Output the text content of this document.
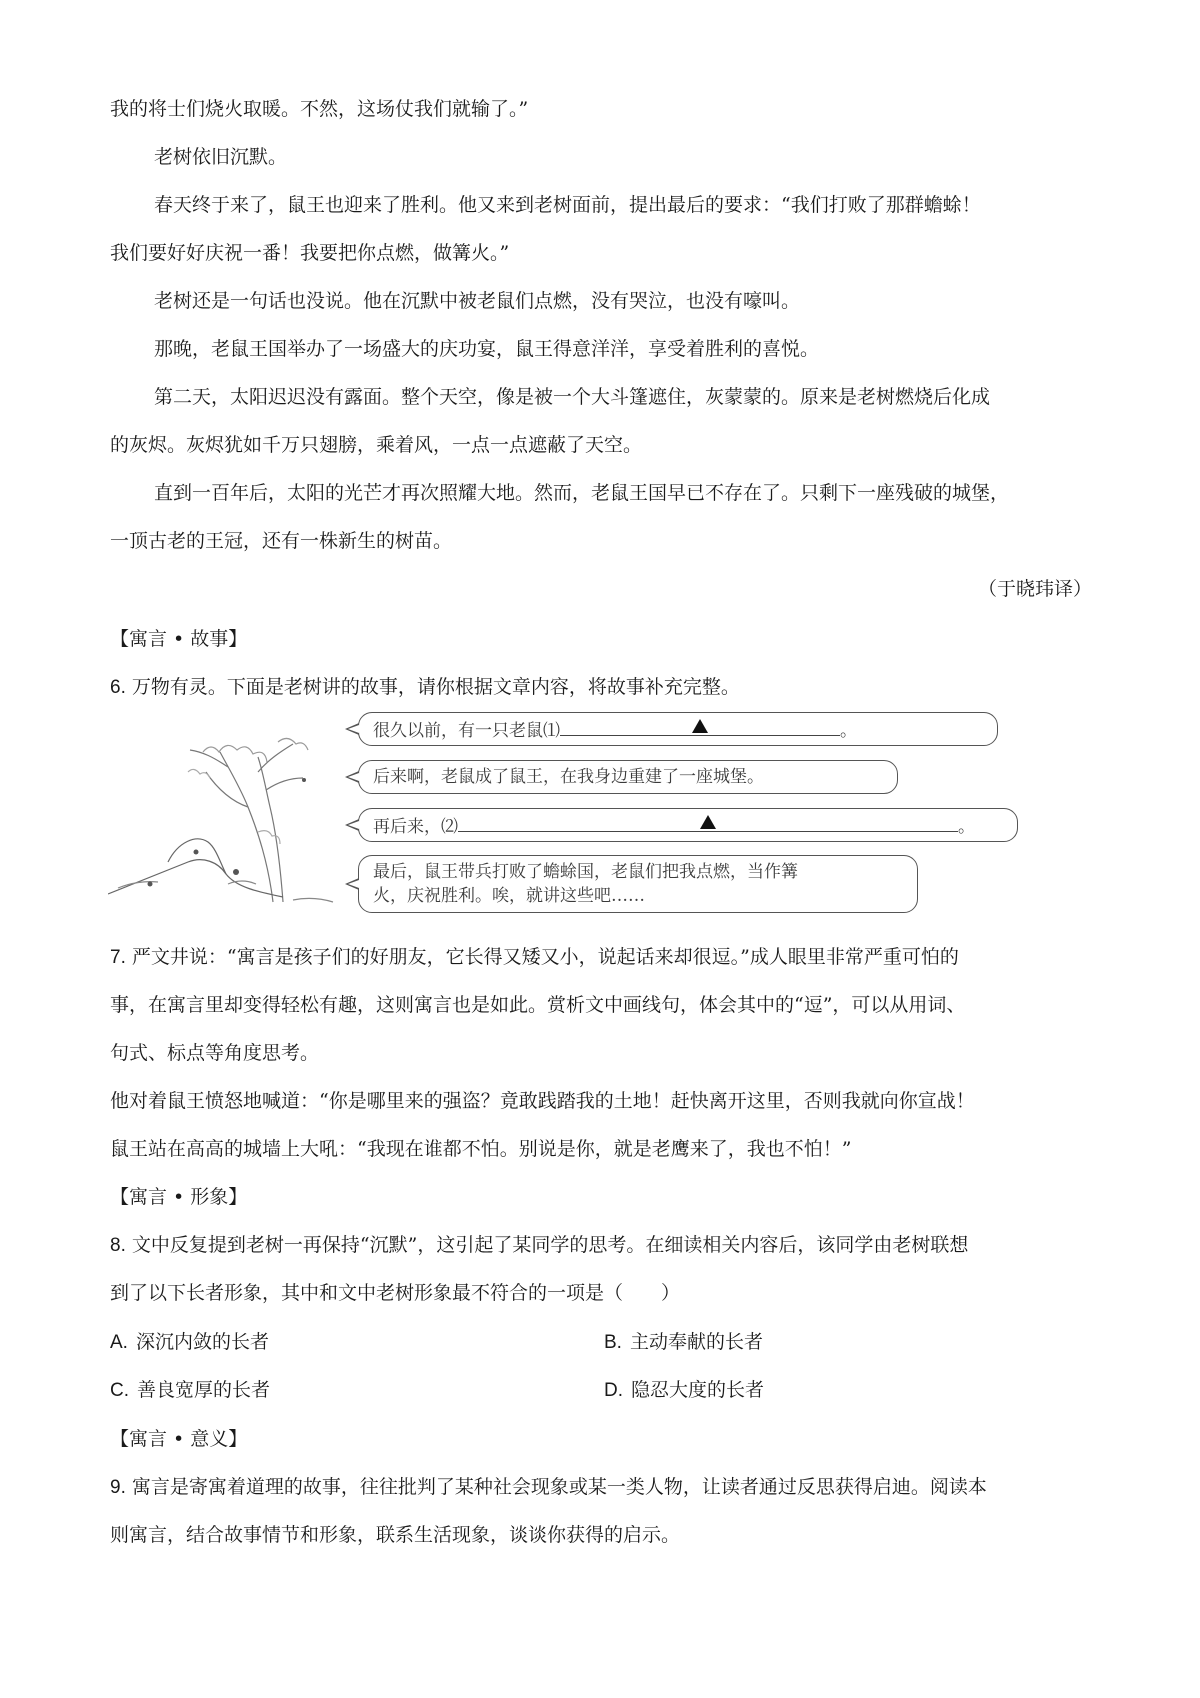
我的将士们烧火取暖。不然，这场仗我们就输了。”
老树依旧沉默。
春天终于来了，鼠王也迎来了胜利。他又来到老树面前，提出最后的要求：“我们打败了那群蟾蜍！
我们要好好庆祝一番！我要把你点燃，做篝火。”
老树还是一句话也没说。他在沉默中被老鼠们点燃，没有哭泣，也没有嚎叫。
那晚，老鼠王国举办了一场盛大的庆功宴，鼠王得意洋洋，享受着胜利的喜悦。
第二天，太阳迟迟没有露面。整个天空，像是被一个大斗篷遮住，灰蒙蒙的。原来是老树燃烧后化成
的灰烬。灰烬犹如千万只翅膀，乘着风，一点一点遮蔽了天空。
直到一百年后，太阳的光芒才再次照耀大地。然而，老鼠王国早已不存在了。只剩下一座残破的城堡，
一顶古老的王冠，还有一株新生的树苗。
（于晓玮译）
【寓言 • 故事】
6. 万物有灵。下面是老树讲的故事，请你根据文章内容，将故事补充完整。
很久以前，有一只老鼠⑴	。
后来啊，老鼠成了鼠王，在我身边重建了一座城堡。
再后来，⑵	。
最后，鼠王带兵打败了蟾蜍国，老鼠们把我点燃，当作篝
火，庆祝胜利。唉，就讲这些吧……
7. 严文井说：“寓言是孩子们的好朋友，它长得又矮又小，说起话来却很逗。”成人眼里非常严重可怕的
事，在寓言里却变得轻松有趣，这则寓言也是如此。赏析文中画线句，体会其中的“逗”，可以从用词、
句式、标点等角度思考。
他对着鼠王愤怒地喊道：“你是哪里来的强盗？竟敢践踏我的土地！赶快离开这里，否则我就向你宣战！
鼠王站在高高的城墙上大吼：“我现在谁都不怕。别说是你，就是老鹰来了，我也不怕！”
【寓言 • 形象】
8. 文中反复提到老树一再保持“沉默”，这引起了某同学的思考。在细读相关内容后，该同学由老树联想
到了以下长者形象，其中和文中老树形象最不符合的一项是（　　）
A. 深沉内敛的长者	B. 主动奉献的长者
C. 善良宽厚的长者	D. 隐忍大度的长者
【寓言 • 意义】
9. 寓言是寄寓着道理的故事，往往批判了某种社会现象或某一类人物，让读者通过反思获得启迪。阅读本
则寓言，结合故事情节和形象，联系生活现象，谈谈你获得的启示。
